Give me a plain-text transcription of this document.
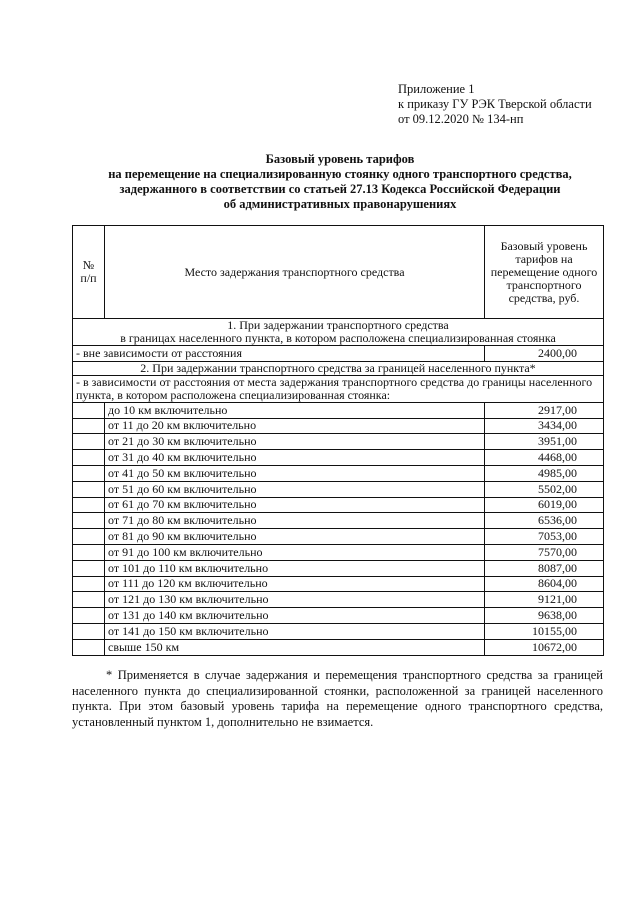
Приложение 1
к приказу ГУ РЭК Тверской области
от 09.12.2020 № 134-нп
Базовый уровень тарифов
на перемещение на специализированную стоянку одного транспортного средства,
задержанного в соответствии со статьей 27.13 Кодекса Российской Федерации
об административных правонарушениях
№
п/п	Место задержания транспортного средства	Базовый уровень тарифов на перемещение одного транспортного средства, руб.

1. При задержании транспортного средства
в границах населенного пункта, в котором расположена специализированная стоянка		

- вне зависимости от расстояния		2400,00
2. При задержании транспортного средства за границей населенного пункта*		
- в зависимости от расстояния от места задержания транспортного средства до границы населенного пункта, в котором расположена специализированная стоянка:		
	до 10 км включительно	2917,00
	от 11 до 20 км включительно	3434,00
	от 21 до 30 км включительно	3951,00
	от 31 до 40 км включительно	4468,00
	от 41 до 50 км включительно	4985,00
	от 51 до 60 км включительно	5502,00
	от 61 до 70 км включительно	6019,00
	от 71 до 80 км включительно	6536,00
	от 81 до 90 км включительно	7053,00
	от 91 до 100 км включительно	7570,00
	от 101 до 110 км включительно	8087,00
	от 111 до 120 км включительно	8604,00
	от 121 до 130 км включительно	9121,00
	от 131 до 140 км включительно	9638,00
	от 141 до 150 км включительно	10155,00
	свыше 150 км	10672,00
* Применяется в случае задержания и перемещения транспортного средства за границей населенного пункта до специализированной стоянки, расположенной за границей населенного пункта. При этом базовый уровень тарифа на перемещение одного транспортного средства, установленный пунктом 1, дополнительно не взимается.
